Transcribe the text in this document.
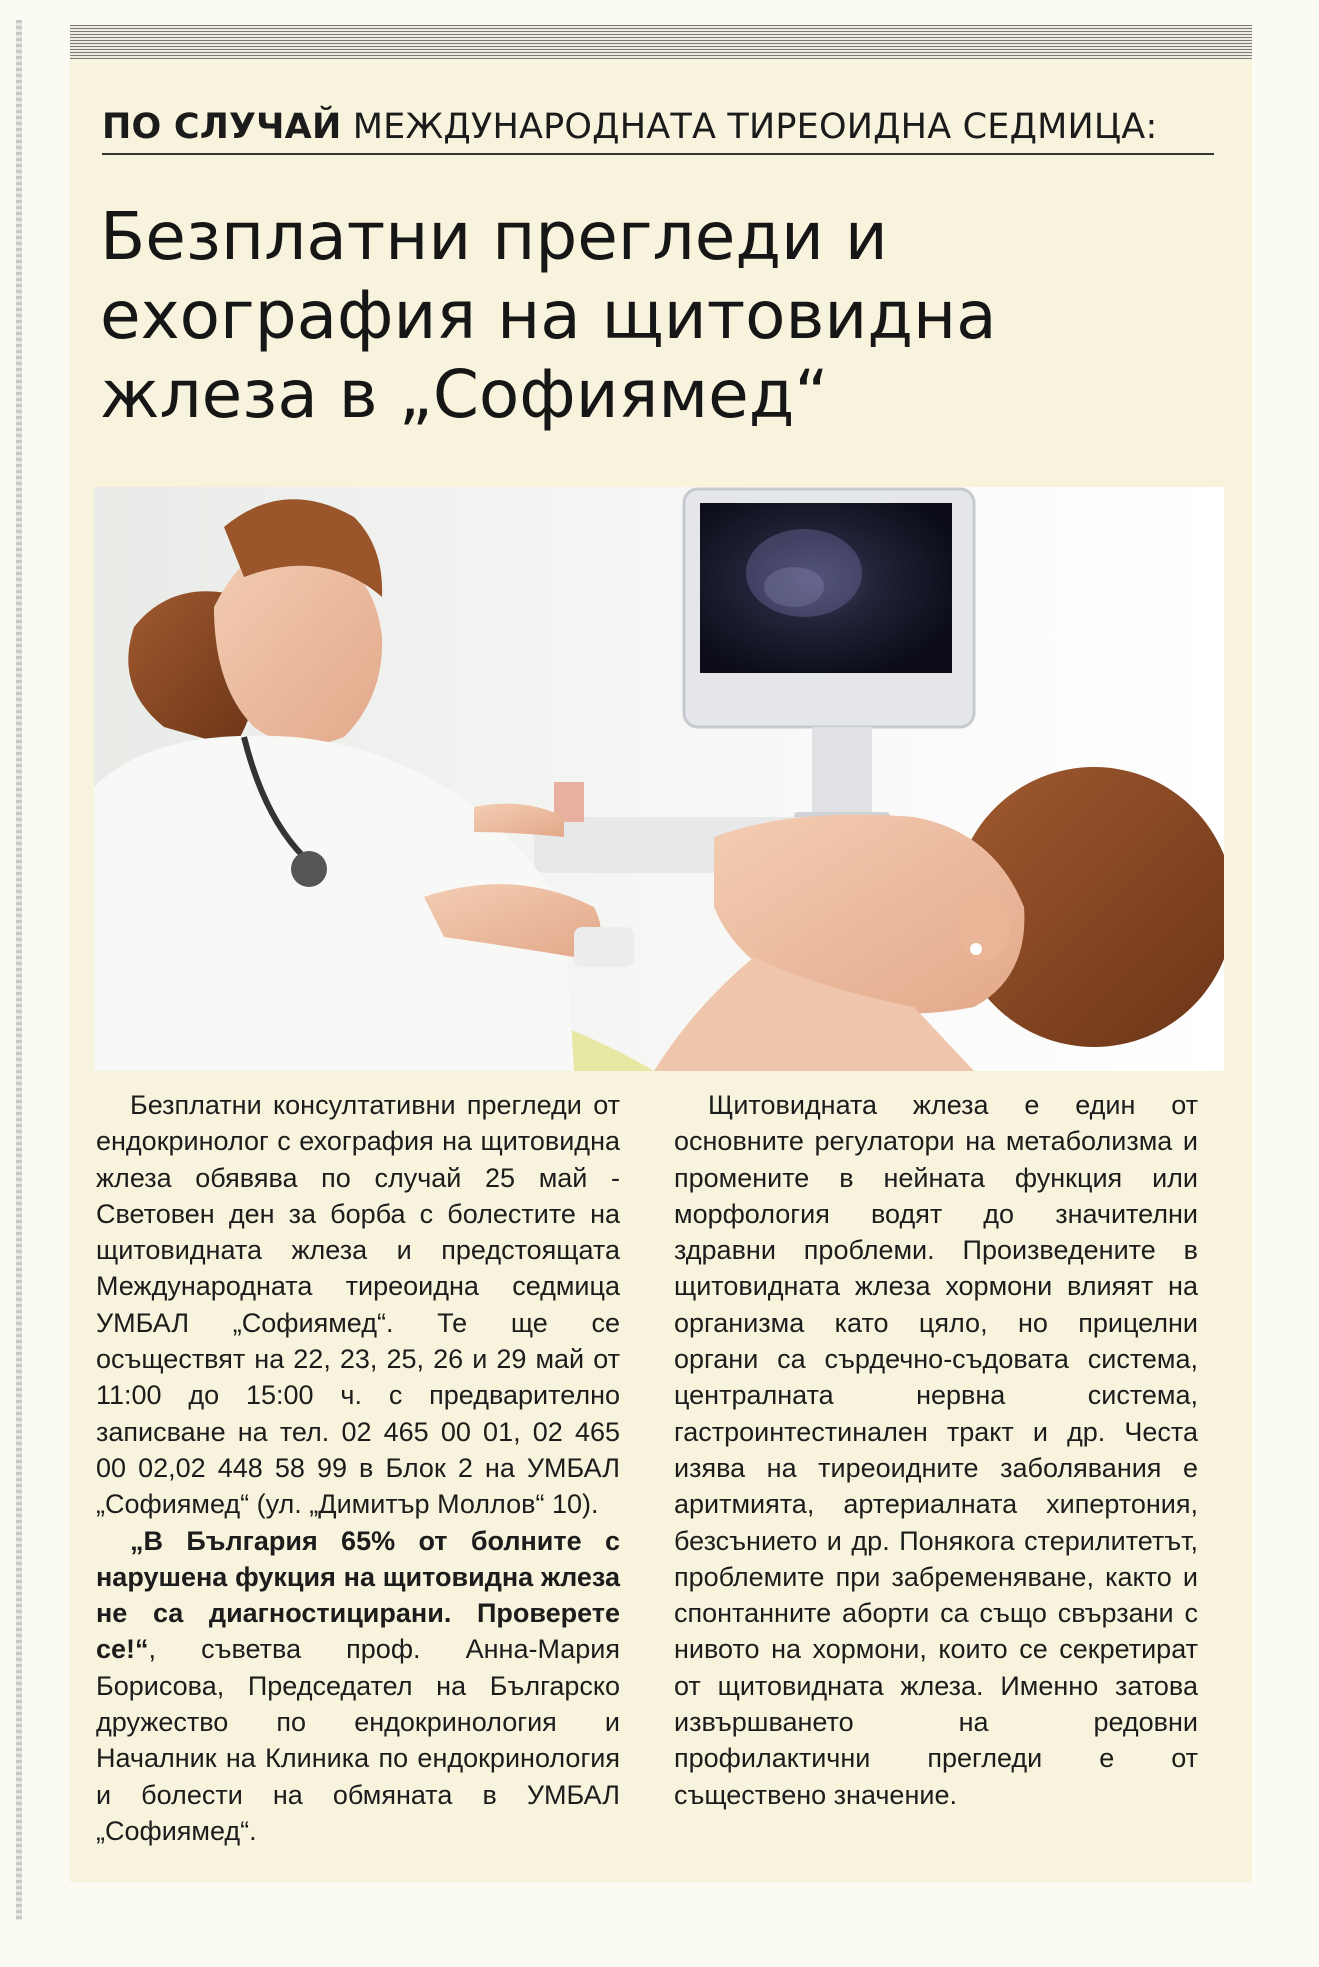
ПО СЛУЧАЙ МЕЖДУНАРОДНАТА ТИРЕОИДНА СЕДМИЦА:
Безплатни прегледи и
ехография на щитовидна
жлеза в „Софиямед“

Безплатни консултативни прегледи от ендокринолог с ехография на щитовидна жлеза обявява по случай 25 май - Световен ден за борба с болестите на щитовидната жлеза и предстоящата Международната тиреоидна седмица УМБАЛ „Софиямед“. Те ще се осъществят на 22, 23, 25, 26 и 29 май от 11:00 до 15:00 ч. с предварително записване на тел. 02 465 00 01, 02 465 00 02,02 448 58 99 в Блок 2 на УМБАЛ „Софиямед“ (ул. „Димитър Моллов“ 10).

„В България 65% от болните с нарушена фукция на щитовидна жлеза не са диагностицирани. Проверете се!“, съветва проф. Анна-Мария Борисова, Председател на Българско дружество по ендокринология и Началник на Клиника по ендокринология и болести на обмяната в УМБАЛ „Софиямед“.

Щитовидната жлеза е един от основните регулатори на метаболизма и промените в нейната функция или морфология водят до значителни здравни проблеми. Произведените в щитовидната жлеза хормони влияят на организма като цяло, но прицелни органи са сърдечно-съдовата система, централната нервна система, гастроинтестинален тракт и др. Честа изява на тиреоидните заболявания е аритмията, артериалната хипертония, безсънието и др. Понякога стерилитетът, проблемите при забременяване, както и спонтанните аборти са също свързани с нивото на хормони, които се секретират от щитовидната жлеза. Именно затова извършването на редовни профилактични прегледи е от съществено значение.
